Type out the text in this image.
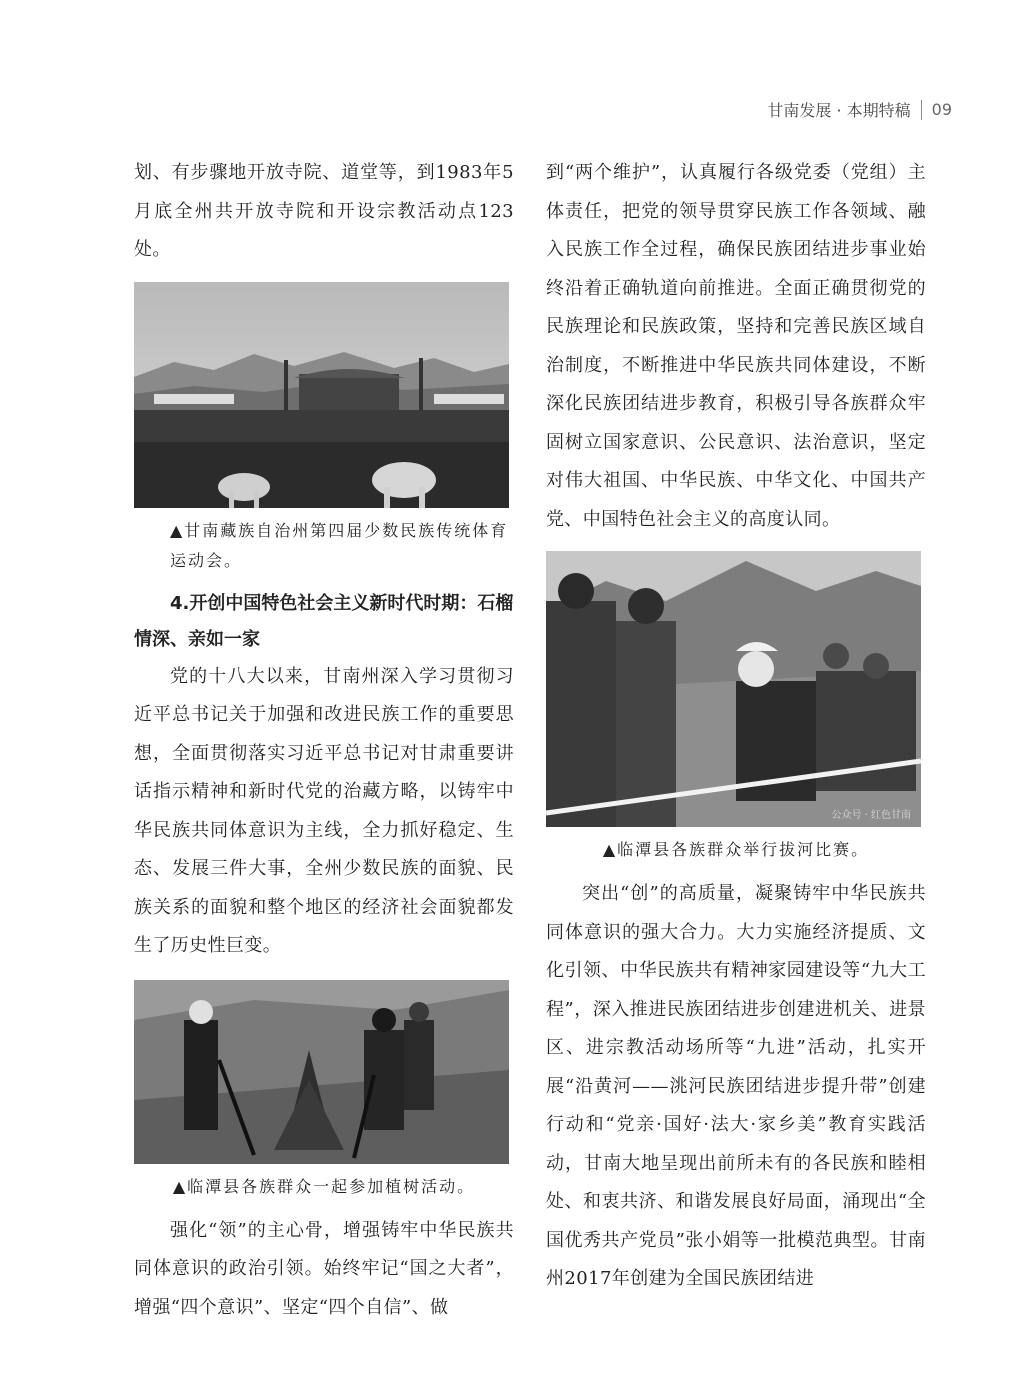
甘南发展 · 本期特稿 09

划、有步骤地开放寺院、道堂等，到1983年5月底全州共开放寺院和开设宗教活动点123处。

▲甘南藏族自治州第四届少数民族传统体育运动会。

4.开创中国特色社会主义新时代时期：石榴情深、亲如一家

党的十八大以来，甘南州深入学习贯彻习近平总书记关于加强和改进民族工作的重要思想，全面贯彻落实习近平总书记对甘肃重要讲话指示精神和新时代党的治藏方略，以铸牢中华民族共同体意识为主线，全力抓好稳定、生态、发展三件大事，全州少数民族的面貌、民族关系的面貌和整个地区的经济社会面貌都发生了历史性巨变。

▲临潭县各族群众一起参加植树活动。

强化“领”的主心骨，增强铸牢中华民族共同体意识的政治引领。始终牢记“国之大者”，增强“四个意识”、坚定“四个自信”、做

到“两个维护”，认真履行各级党委（党组）主体责任，把党的领导贯穿民族工作各领域、融入民族工作全过程，确保民族团结进步事业始终沿着正确轨道向前推进。全面正确贯彻党的民族理论和民族政策，坚持和完善民族区域自治制度，不断推进中华民族共同体建设，不断深化民族团结进步教育，积极引导各族群众牢固树立国家意识、公民意识、法治意识，坚定对伟大祖国、中华民族、中华文化、中国共产党、中国特色社会主义的高度认同。

公众号 · 红色甘南

▲临潭县各族群众举行拔河比赛。

突出“创”的高质量，凝聚铸牢中华民族共同体意识的强大合力。大力实施经济提质、文化引领、中华民族共有精神家园建设等“九大工程”，深入推进民族团结进步创建进机关、进景区、进宗教活动场所等“九进”活动，扎实开展“沿黄河——洮河民族团结进步提升带”创建行动和“党亲·国好·法大·家乡美”教育实践活动，甘南大地呈现出前所未有的各民族和睦相处、和衷共济、和谐发展良好局面，涌现出“全国优秀共产党员”张小娟等一批模范典型。甘南州2017年创建为全国民族团结进
